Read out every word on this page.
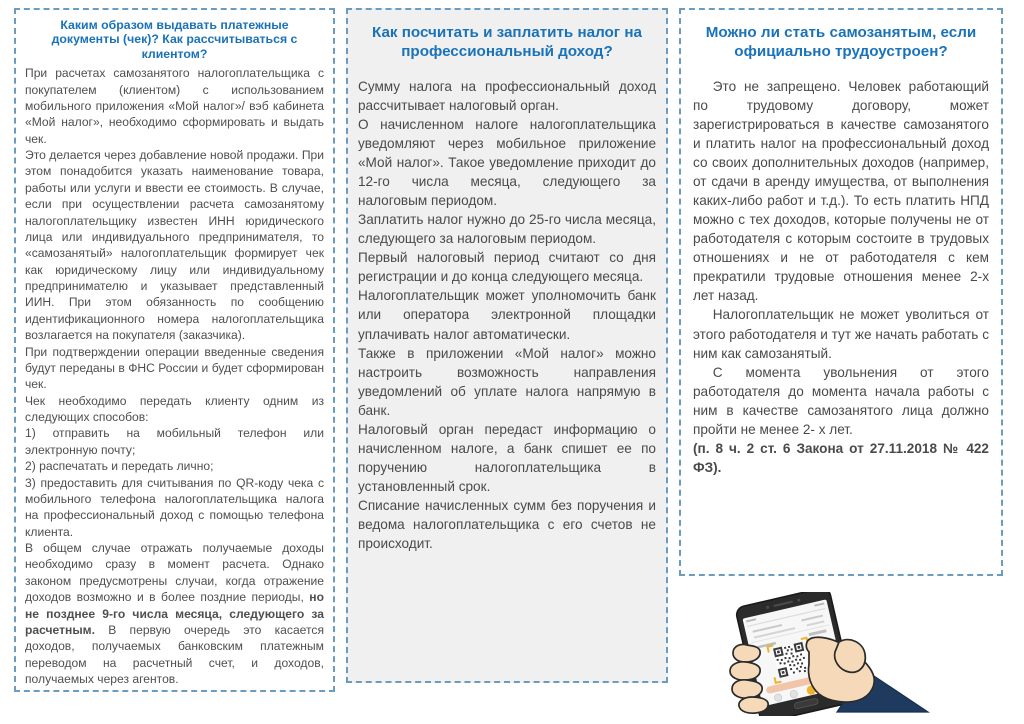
Каким образом выдавать платежные документы (чек)? Как рассчитываться с клиентом?

При расчетах самозанятого налогоплательщика с покупателем (клиентом) с использованием мобильного приложения «Мой налог»/ вэб кабинета «Мой налог», необходимо сформировать и выдать чек.

Это делается через добавление новой продажи. При этом понадобится указать наименование товара, работы или услуги и ввести ее стоимость. В случае, если при осуществлении расчета самозанятому налогоплательщику известен ИНН юридического лица или индивидуального предпринимателя, то «самозанятый» налогоплательщик формирует чек как юридическому лицу или индивидуальному предпринимателю и указывает представленный ИИН. При этом обязанность по сообщению идентификационного номера налогоплательщика возлагается на покупателя (заказчика).

При подтверждении операции введенные сведения будут переданы в ФНС России и будет сформирован чек.

Чек необходимо передать клиенту одним из следующих способов:

1) отправить на мобильный телефон или электронную почту;

2) распечатать и передать лично;

3) предоставить для считывания по QR-коду чека с мобильного телефона налогоплательщика налога на профессиональный доход с помощью телефона клиента.

В общем случае отражать получаемые доходы необходимо сразу в момент расчета. Однако законом предусмотрены случаи, когда отражение доходов возможно и в более поздние периоды, но не позднее 9-го числа месяца, следующего за расчетным. В первую очередь это касается доходов, получаемых банковским платежным переводом на расчетный счет, и доходов, получаемых через агентов.

Как посчитать и заплатить налог на профессиональный доход?

Сумму налога на профессиональный доход рассчитывает налоговый орган.

О начисленном налоге налогоплательщика уведомляют через мобильное приложение «Мой налог». Такое уведомление приходит до 12-го числа месяца, следующего за налоговым периодом.

Заплатить налог нужно до 25-го числа месяца, следующего за налоговым периодом.

Первый налоговый период считают со дня регистрации и до конца следующего месяца.

Налогоплательщик может уполномочить банк или оператора электронной площадки уплачивать налог автоматически.

Также в приложении «Мой налог» можно настроить возможность направления уведомлений об уплате налога напрямую в банк.

Налоговый орган передаст информацию о начисленном налоге, а банк спишет ее по поручению налогоплательщика в установленный срок.

Списание начисленных сумм без поручения и ведома налогоплательщика с его счетов не происходит.

Можно ли стать самозанятым, если официально трудоустроен?

Это не запрещено. Человек работающий по трудовому договору, может зарегистрироваться в качестве самозанятого и платить налог на профессиональный доход со своих дополнительных доходов (например, от сдачи в аренду имущества, от выполнения каких-либо работ и т.д.). То есть платить НПД можно с тех доходов, которые получены не от работодателя с которым состоите в трудовых отношениях и не от работодателя с кем прекратили трудовые отношения менее 2-х лет назад.

Налогоплательщик не может уволиться от этого работодателя и тут же начать работать с ним как самозанятый.

С момента увольнения от этого работодателя до момента начала работы с ним в качестве самозанятого лица должно пройти не менее 2- х лет.

(п. 8 ч. 2 ст. 6 Закона от 27.11.2018 № 422 ФЗ).
